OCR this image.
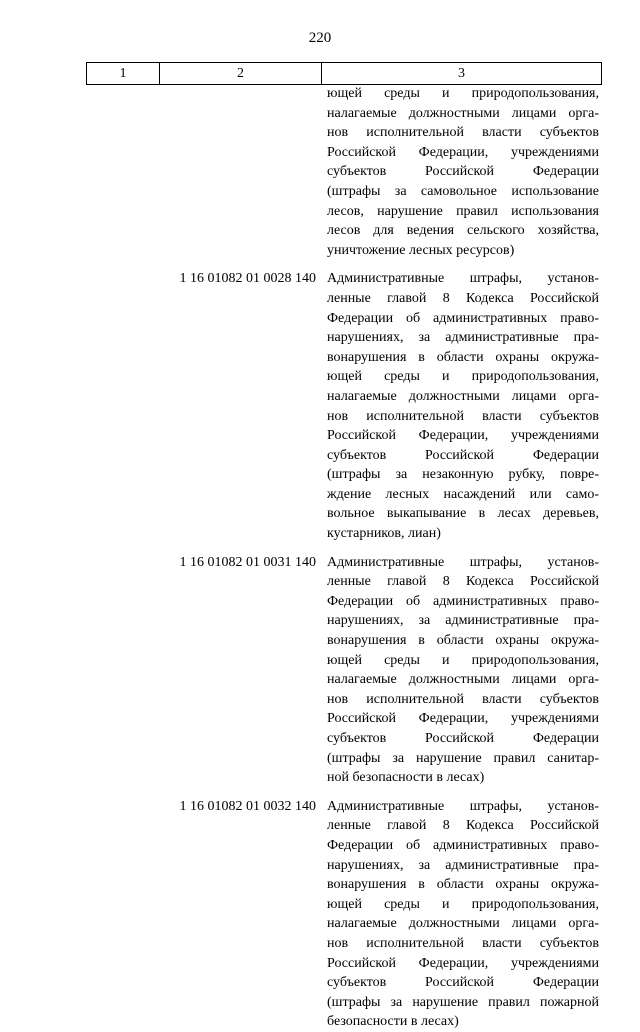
220
1	2	3
ющей среды и природопользования,
налагаемые должностными лицами орга-
нов исполнительной власти субъектов
Российской Федерации, учреждениями
субъектов Российской Федерации
(штрафы за самовольное использование
лесов, нарушение правил использования
лесов для ведения сельского хозяйства,
уничтожение лесных ресурсов)
1 16 01082 01 0028 140 Административные штрафы, установ-
ленные главой 8 Кодекса Российской
Федерации об административных право-
нарушениях, за административные пра-
вонарушения в области охраны окружа-
ющей среды и природопользования,
налагаемые должностными лицами орга-
нов исполнительной власти субъектов
Российской Федерации, учреждениями
субъектов Российской Федерации
(штрафы за незаконную рубку, повре-
ждение лесных насаждений или само-
вольное выкапывание в лесах деревьев,
кустарников, лиан)
1 16 01082 01 0031 140 Административные штрафы, установ-
ленные главой 8 Кодекса Российской
Федерации об административных право-
нарушениях, за административные пра-
вонарушения в области охраны окружа-
ющей среды и природопользования,
налагаемые должностными лицами орга-
нов исполнительной власти субъектов
Российской Федерации, учреждениями
субъектов Российской Федерации
(штрафы за нарушение правил санитар-
ной безопасности в лесах)
1 16 01082 01 0032 140 Административные штрафы, установ-
ленные главой 8 Кодекса Российской
Федерации об административных право-
нарушениях, за административные пра-
вонарушения в области охраны окружа-
ющей среды и природопользования,
налагаемые должностными лицами орга-
нов исполнительной власти субъектов
Российской Федерации, учреждениями
субъектов Российской Федерации
(штрафы за нарушение правил пожарной
безопасности в лесах)
